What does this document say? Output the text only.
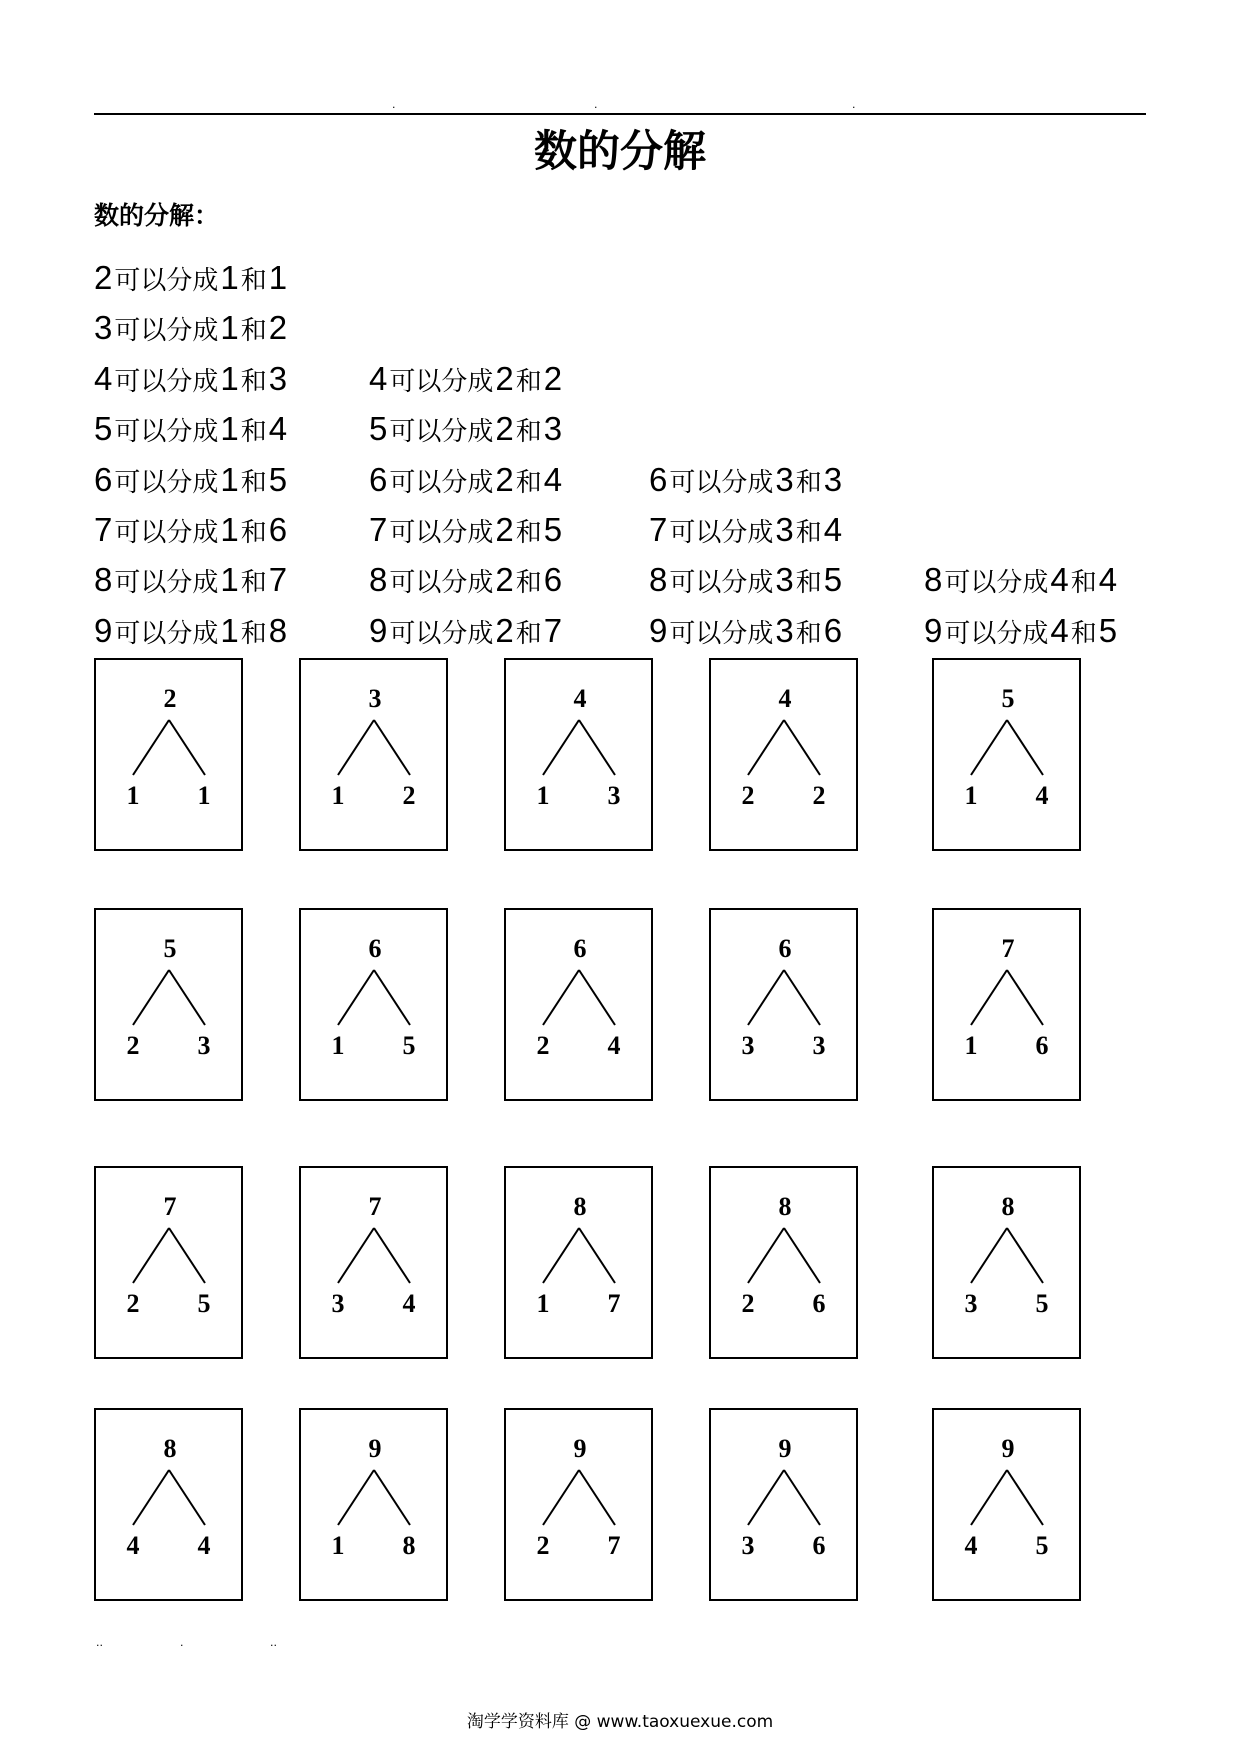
.	.	.
数的分解
数的分解：
2可以分成1和1
3可以分成1和2
4可以分成1和3 4可以分成2和2
5可以分成1和4 5可以分成2和3
6可以分成1和5 6可以分成2和4	6可以分成3和3
7可以分成1和6 7可以分成2和5	7可以分成3和4
8可以分成1和7 8可以分成2和6	8可以分成3和5 8可以分成4和4
9可以分成1和8 9可以分成2和7	9可以分成3和6 9可以分成4和5
2
1	1
3
1	2
4
1	3
4
2	2
5
1	4
5
2	3
6
1	5
6
2	4
6
3	3
7
1	6
7
2	5
7
3	4
8
1	7
8
2	6
8
3	5
8
4	4
9
1	8
9
2	7
9
3	6
9
4	5
..	.	..
淘学学资料库 @ www.taoxuexue.com
